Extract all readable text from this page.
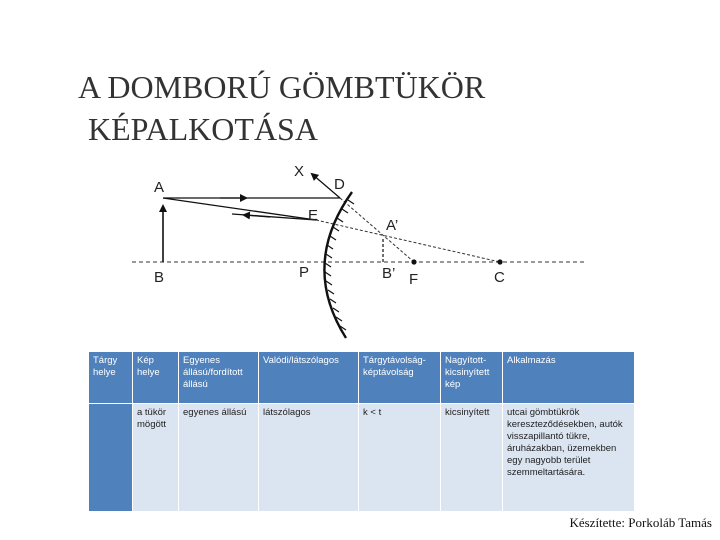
A DOMBORÚ GÖMBTÜKÖR
KÉPALKOTÁSA
A
B
X
D
E
A’
P	B’ F	C
Tárgy helye	Kép helye	Egyenes állású/fordított állású	Valódi/látszólagos	Tárgytávolság-képtávolság	Nagyított-kicsinyített kép	Alkalmazás
	a tükör mögött	egyenes állású	látszólagos	k < t	kicsinyített	utcai gömbtükrök kereszteződésekben, autók visszapillantó tükre, áruházakban, üzemekben egy nagyobb terület szemmeltartására.
Készítette: Porkoláb Tamás
